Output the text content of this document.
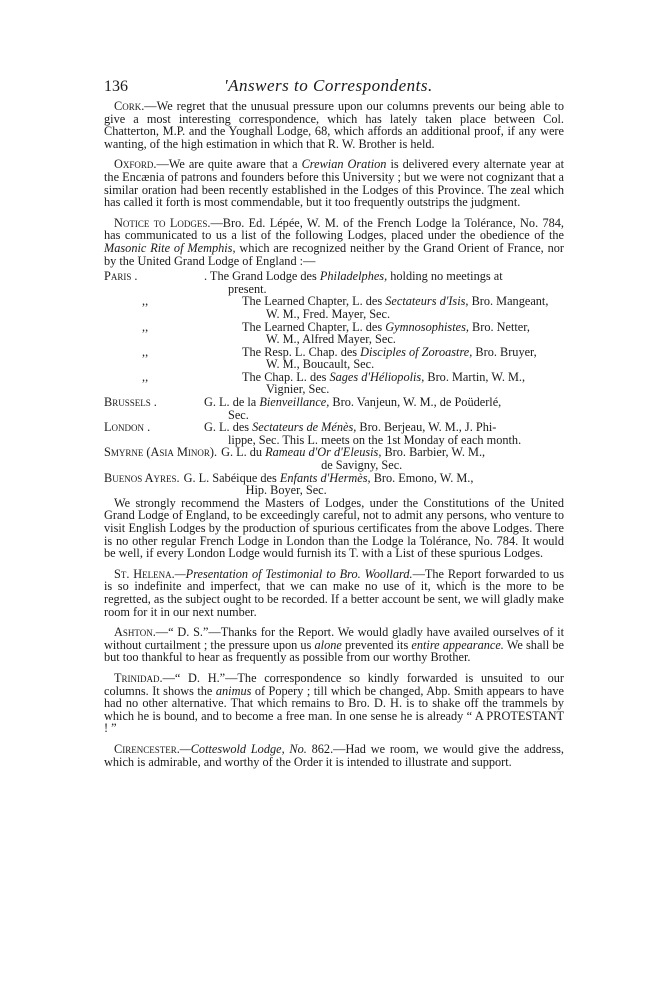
136	'Answers to Correspondents.

Cork.—We regret that the unusual pressure upon our columns prevents our being able to give a most interesting correspondence, which has lately taken place between Col. Chatterton, M.P. and the Youghall Lodge, 68, which affords an additional proof, if any were wanting, of the high estimation in which that R. W. Brother is held.

Oxford.—We are quite aware that a Crewian Oration is delivered every alternate year at the Encænia of patrons and founders before this University ; but we were not cognizant that a similar oration had been recently established in the Lodges of this Province. The zeal which has called it forth is most commendable, but it too frequently outstrips the judgment.

Notice to Lodges.—Bro. Ed. Lépée, W. M. of the French Lodge la Tolérance, No. 784, has communicated to us a list of the following Lodges, placed under the obedience of the Masonic Rite of Memphis, which are recognized neither by the Grand Orient of France, nor by the United Grand Lodge of England :—

Paris .	. The Grand Lodge des Philadelphes, holding no meetings at
present.
,,	The Learned Chapter, L. des Sectateurs d'Isis, Bro. Mangeant,
W. M., Fred. Mayer, Sec.
,,	The Learned Chapter, L. des Gymnosophistes, Bro. Netter,
W. M., Alfred Mayer, Sec.
,,	The Resp. L. Chap. des Disciples of Zoroastre, Bro. Bruyer,
W. M., Boucault, Sec.
,,	The Chap. L. des Sages d'Héliopolis, Bro. Martin, W. M.,
Vignier, Sec.
Brussels .	G. L. de la Bienveillance, Bro. Vanjeun, W. M., de Poüderlé,
Sec.
London .	G. L. des Sectateurs de Ménès, Bro. Berjeau, W. M., J. Phi-
lippe, Sec. This L. meets on the 1st Monday of each month.
Smyrne (Asia Minor). G. L. du Rameau d'Or d'Eleusis, Bro. Barbier, W. M.,
de Savigny, Sec.
Buenos Ayres. G. L. Sabéique des Enfants d'Hermès, Bro. Emono, W. M.,
Hip. Boyer, Sec.

We strongly recommend the Masters of Lodges, under the Constitutions of the United Grand Lodge of England, to be exceedingly careful, not to admit any persons, who venture to visit English Lodges by the production of spurious certificates from the above Lodges. There is no other regular French Lodge in London than the Lodge la Tolérance, No. 784. It would be well, if every London Lodge would furnish its T. with a List of these spurious Lodges.

St. Helena.—Presentation of Testimonial to Bro. Woollard.—The Report forwarded to us is so indefinite and imperfect, that we can make no use of it, which is the more to be regretted, as the subject ought to be recorded. If a better account be sent, we will gladly make room for it in our next number.

Ashton.—“ D. S.”—Thanks for the Report. We would gladly have availed ourselves of it without curtailment ; the pressure upon us alone prevented its entire appearance. We shall be but too thankful to hear as frequently as possible from our worthy Brother.

Trinidad.—“ D. H.”—The correspondence so kindly forwarded is unsuited to our columns. It shows the animus of Popery ; till which be changed, Abp. Smith appears to have had no other alternative. That which remains to Bro. D. H. is to shake off the trammels by which he is bound, and to become a free man. In one sense he is already “ A PROTESTANT ! ”

Cirencester.—Cotteswold Lodge, No. 862.—Had we room, we would give the address, which is admirable, and worthy of the Order it is intended to illustrate and support.
